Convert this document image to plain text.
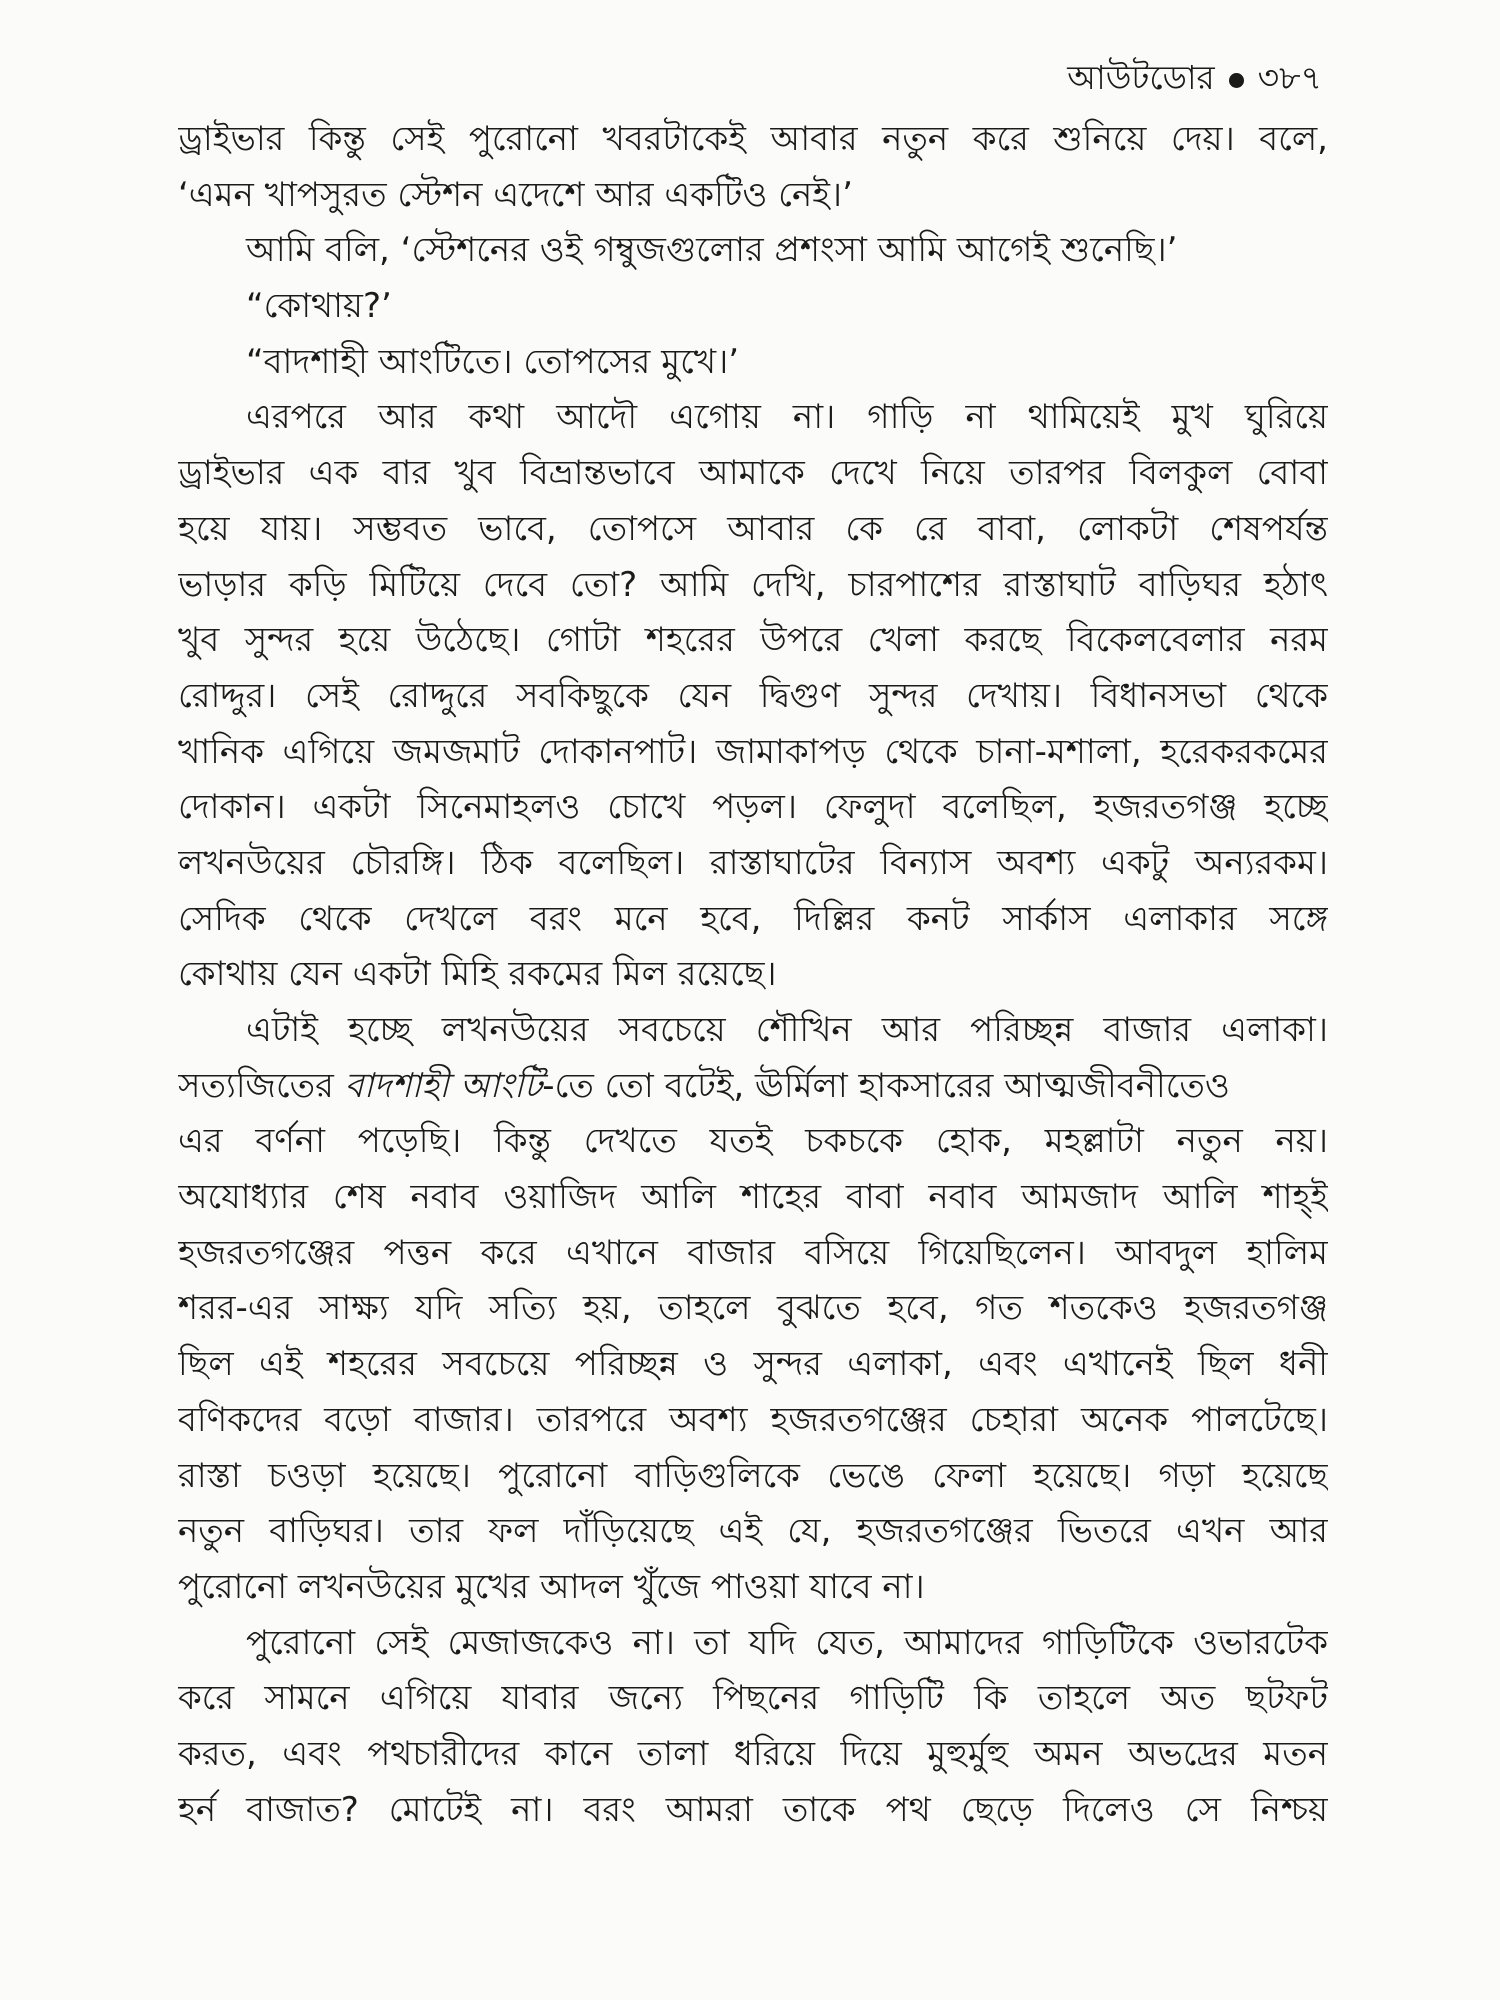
আউটডোর ৩৮৭
ড্রাইভার কিন্তু সেই পুরোনো খবরটাকেই আবার নতুন করে শুনিয়ে দেয়। বলে,
‘এমন খাপসুরত স্টেশন এদেশে আর একটিও নেই।’
আমি বলি, ‘স্টেশনের ওই গম্বুজগুলোর প্রশংসা আমি আগেই শুনেছি।’
“কোথায়?’
“বাদশাহী আংটিতে। তোপসের মুখে।’
এরপরে আর কথা আদৌ এগোয় না। গাড়ি না থামিয়েই মুখ ঘুরিয়ে
ড্রাইভার এক বার খুব বিভ্রান্তভাবে আমাকে দেখে নিয়ে তারপর বিলকুল বোবা
হয়ে যায়। সম্ভবত ভাবে, তোপসে আবার কে রে বাবা, লোকটা শেষপর্যন্ত
ভাড়ার কড়ি মিটিয়ে দেবে তো? আমি দেখি, চারপাশের রাস্তাঘাট বাড়িঘর হঠাৎ
খুব সুন্দর হয়ে উঠেছে। গোটা শহরের উপরে খেলা করছে বিকেলবেলার নরম
রোদ্দুর। সেই রোদ্দুরে সবকিছুকে যেন দ্বিগুণ সুন্দর দেখায়। বিধানসভা থেকে
খানিক এগিয়ে জমজমাট দোকানপাট। জামাকাপড় থেকে চানা-মশালা, হরেকরকমের
দোকান। একটা সিনেমাহলও চোখে পড়ল। ফেলুদা বলেছিল, হজরতগঞ্জ হচ্ছে
লখনউয়ের চৌরঙ্গি। ঠিক বলেছিল। রাস্তাঘাটের বিন্যাস অবশ্য একটু অন্যরকম।
সেদিক থেকে দেখলে বরং মনে হবে, দিল্লির কনট সার্কাস এলাকার সঙ্গে
কোথায় যেন একটা মিহি রকমের মিল রয়েছে।
এটাই হচ্ছে লখনউয়ের সবচেয়ে শৌখিন আর পরিচ্ছন্ন বাজার এলাকা।
সত্যজিতের বাদশাহী আংটি-তে তো বটেই, ঊর্মিলা হাকসারের আত্মজীবনীতেও
এর বর্ণনা পড়েছি। কিন্তু দেখতে যতই চকচকে হোক, মহল্লাটা নতুন নয়।
অযোধ্যার শেষ নবাব ওয়াজিদ আলি শাহের বাবা নবাব আমজাদ আলি শাহ্‌ই
হজরতগঞ্জের পত্তন করে এখানে বাজার বসিয়ে গিয়েছিলেন। আবদুল হালিম
শরর-এর সাক্ষ্য যদি সত্যি হয়, তাহলে বুঝতে হবে, গত শতকেও হজরতগঞ্জ
ছিল এই শহরের সবচেয়ে পরিচ্ছন্ন ও সুন্দর এলাকা, এবং এখানেই ছিল ধনী
বণিকদের বড়ো বাজার। তারপরে অবশ্য হজরতগঞ্জের চেহারা অনেক পালটেছে।
রাস্তা চওড়া হয়েছে। পুরোনো বাড়িগুলিকে ভেঙে ফেলা হয়েছে। গড়া হয়েছে
নতুন বাড়িঘর। তার ফল দাঁড়িয়েছে এই যে, হজরতগঞ্জের ভিতরে এখন আর
পুরোনো লখনউয়ের মুখের আদল খুঁজে পাওয়া যাবে না।
পুরোনো সেই মেজাজকেও না। তা যদি যেত, আমাদের গাড়িটিকে ওভারটেক
করে সামনে এগিয়ে যাবার জন্যে পিছনের গাড়িটি কি তাহলে অত ছটফট
করত, এবং পথচারীদের কানে তালা ধরিয়ে দিয়ে মুহুর্মুহু অমন অভদ্রের মতন
হর্ন বাজাত? মোটেই না। বরং আমরা তাকে পথ ছেড়ে দিলেও সে নিশ্চয়
